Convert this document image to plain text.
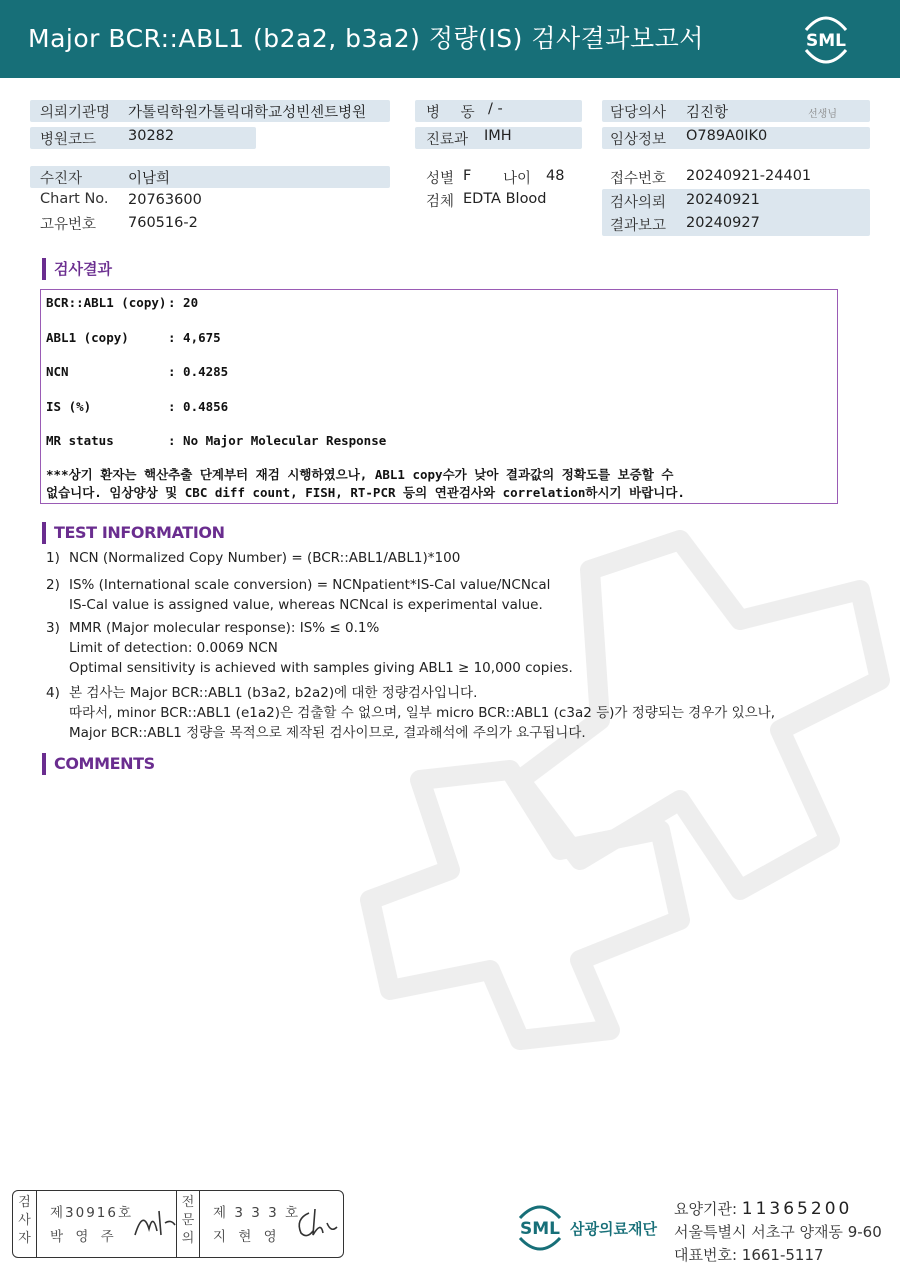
Major BCR::ABL1 (b2a2, b3a2) 정량(IS) 검사결과보고서	SML
의뢰기관명 가톨릭학원가톨릭대학교성빈센트병원
병원코드 30282
병 동 / -
진료과 IMH
담당의사 김진항	선생님
임상정보 O789A0IK0
수진자	이남희
Chart No. 20763600
고유번호 760516-2
성별 F 나이 48
검체 EDTA Blood
접수번호 20240921-24401
검사의뢰 20240921
결과보고 20240927
검사결과
BCR::ABL1 (copy) : 20
ABL1 (copy)	: 4,675
NCN	: 0.4285
IS (%)	: 0.4856
MR status	: No Major Molecular Response
***상기 환자는 핵산추출 단계부터 재검 시행하였으나, ABL1 copy수가 낮아 결과값의 정확도를 보증할 수
없습니다. 임상양상 및 CBC diff count, FISH, RT-PCR 등의 연관검사와 correlation하시기 바랍니다.
TEST INFORMATION
1) NCN (Normalized Copy Number) = (BCR::ABL1/ABL1)*100
2) IS% (International scale conversion) = NCNpatient*IS-Cal value/NCNcal
IS-Cal value is assigned value, whereas NCNcal is experimental value.
3) MMR (Major molecular response): IS% ≤ 0.1%
Limit of detection: 0.0069 NCN
Optimal sensitivity is achieved with samples giving ABL1 ≥ 10,000 copies.
4) 본 검사는 Major BCR::ABL1 (b3a2, b2a2)에 대한 정량검사입니다.
따라서, minor BCR::ABL1 (e1a2)은 검출할 수 없으며, 일부 micro BCR::ABL1 (c3a2 등)가 정량되는 경우가 있으나,
Major BCR::ABL1 정량을 목적으로 제작된 검사이므로, 결과해석에 주의가 요구됩니다.
COMMENTS
검사자
제30916호
박 영 주
전문의
제 3 3 3 호
지 현 영	SML 삼광의료재단
요양기관: 11365200
서울특별시 서초구 양재동 9-60
대표번호: 1661-5117
